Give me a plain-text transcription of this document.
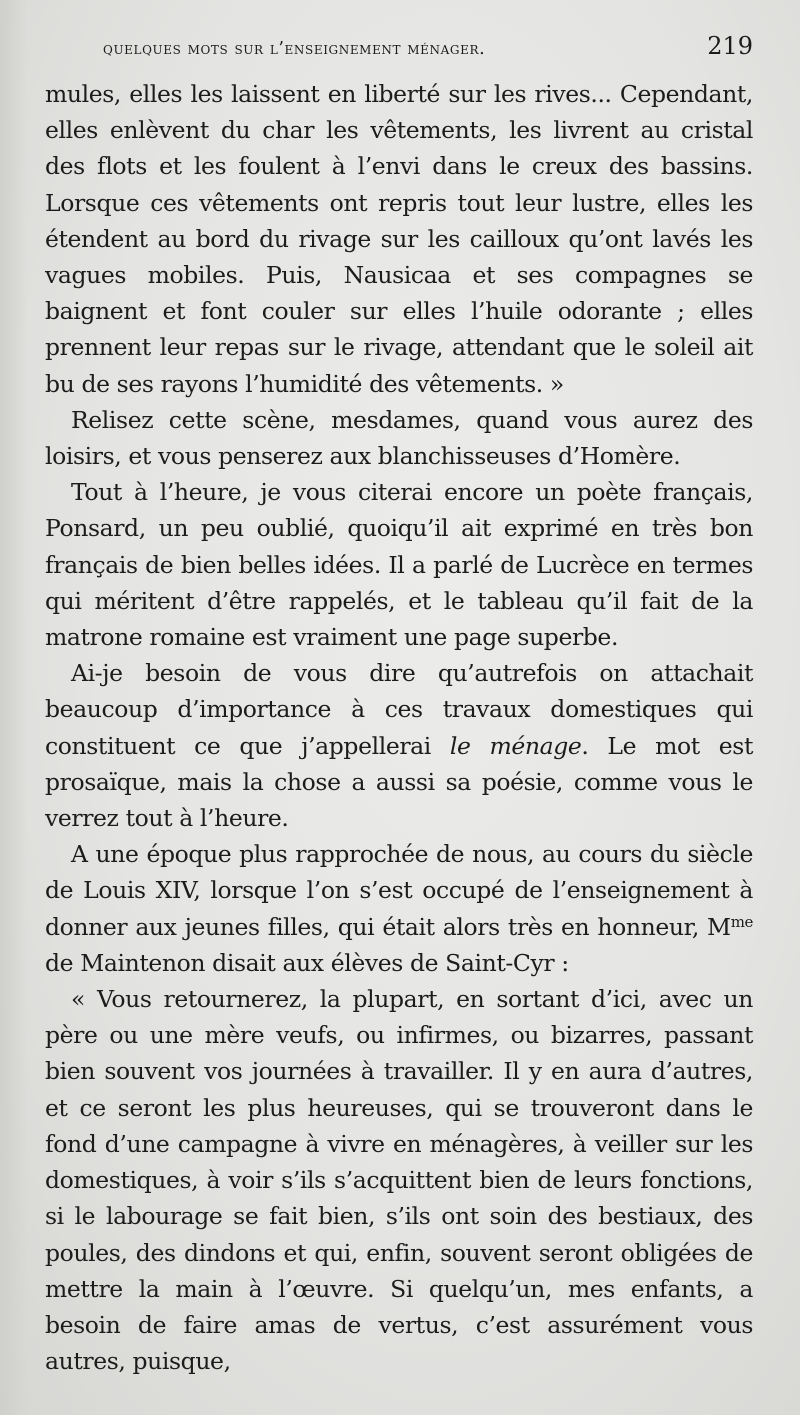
quelques mots sur l’enseignement ménager.	219

mules, elles les laissent en liberté sur les rives... Cependant, elles enlèvent du char les vêtements, les livrent au cristal des flots et les foulent à l’envi dans le creux des bassins. Lorsque ces vêtements ont repris tout leur lustre, elles les étendent au bord du rivage sur les cailloux qu’ont lavés les vagues mobiles. Puis, Nausicaa et ses compagnes se baignent et font couler sur elles l’huile odorante ; elles prennent leur repas sur le rivage, attendant que le soleil ait bu de ses rayons l’humidité des vêtements. »

Relisez cette scène, mesdames, quand vous aurez des loisirs, et vous penserez aux blanchisseuses d’Homère.

Tout à l’heure, je vous citerai encore un poète français, Ponsard, un peu oublié, quoiqu’il ait exprimé en très bon français de bien belles idées. Il a parlé de Lucrèce en termes qui méritent d’être rappelés, et le tableau qu’il fait de la matrone romaine est vraiment une page superbe.

Ai-je besoin de vous dire qu’autrefois on attachait beaucoup d’importance à ces travaux domestiques qui constituent ce que j’appellerai le ménage. Le mot est prosaïque, mais la chose a aussi sa poésie, comme vous le verrez tout à l’heure.

A une époque plus rapprochée de nous, au cours du siècle de Louis XIV, lorsque l’on s’est occupé de l’enseignement à donner aux jeunes filles, qui était alors très en honneur, $M^{me}$ de Maintenon disait aux élèves de Saint-Cyr :

« Vous retournerez, la plupart, en sortant d’ici, avec un père ou une mère veufs, ou infirmes, ou bizarres, passant bien souvent vos journées à travailler. Il y en aura d’autres, et ce seront les plus heureuses, qui se trouveront dans le fond d’une campagne à vivre en ménagères, à veiller sur les domestiques, à voir s’ils s’acquittent bien de leurs fonctions, si le labourage se fait bien, s’ils ont soin des bestiaux, des poules, des dindons et qui, enfin, souvent seront obligées de mettre la main à l’œuvre. Si quelqu’un, mes enfants, a besoin de faire amas de vertus, c’est assurément vous autres, puisque,
